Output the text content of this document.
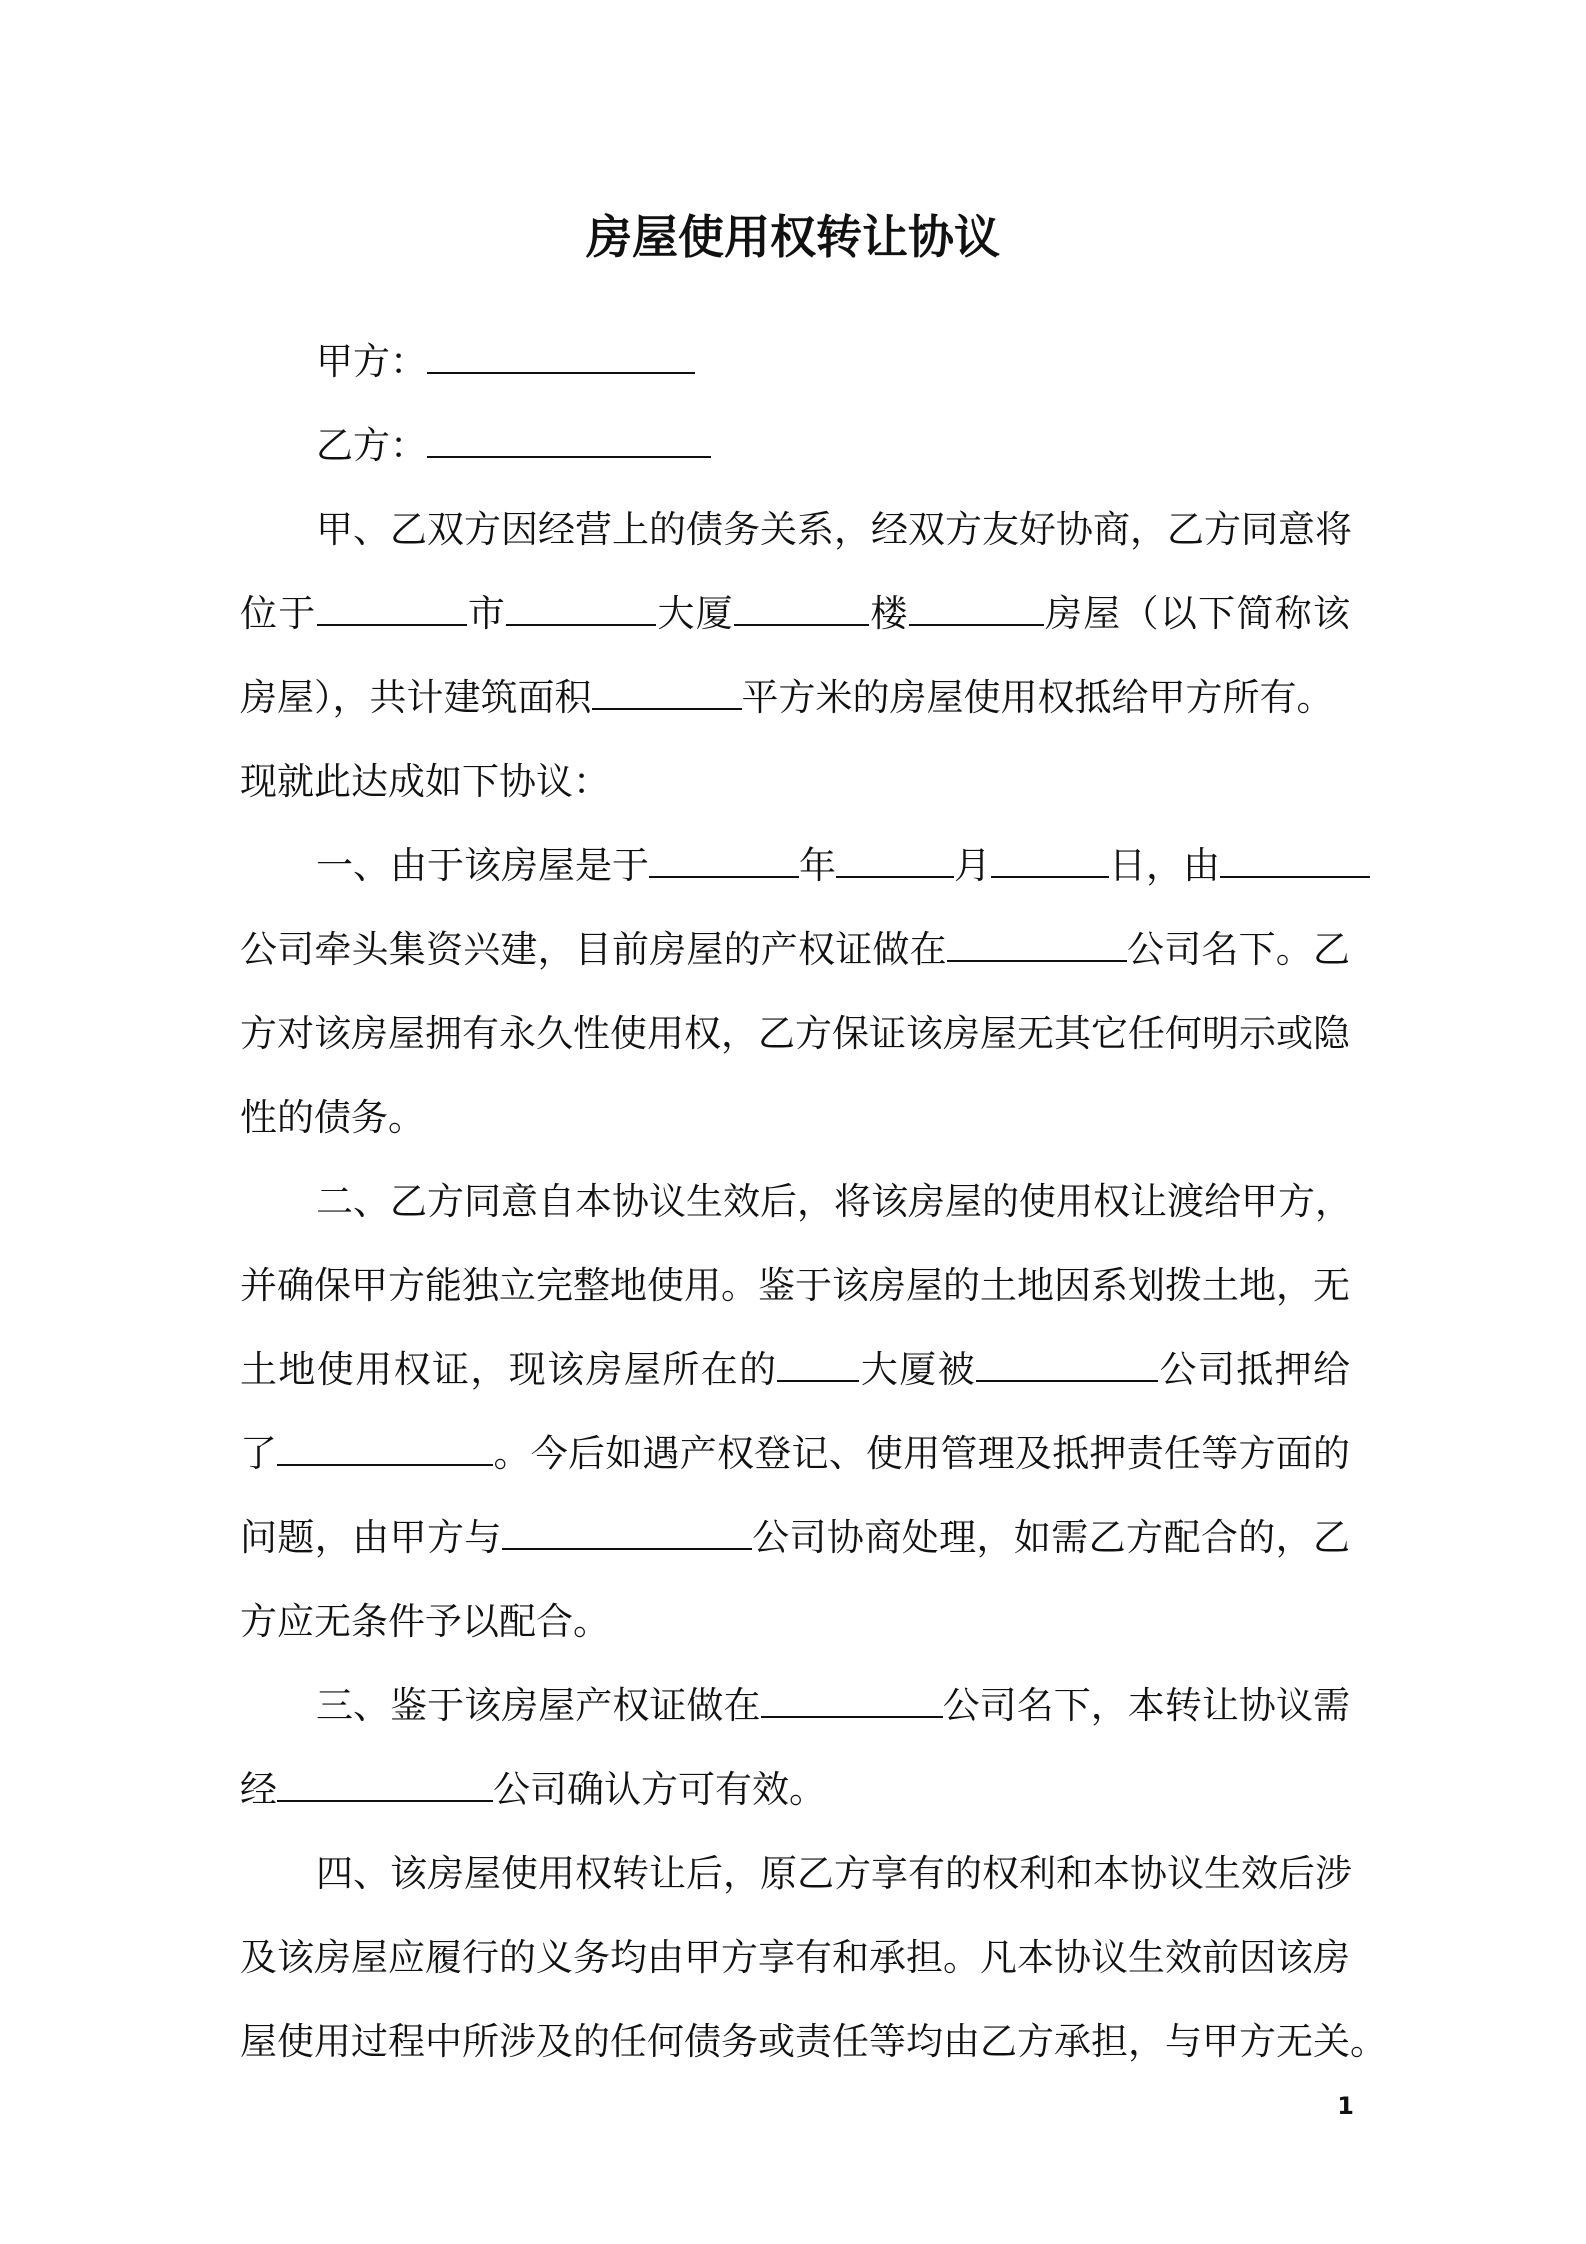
房屋使用权转让协议
甲方：
乙方：
甲、乙双方因经营上的债务关系，经双方友好协商，乙方同意将
位于	市	大厦	楼	房屋（以下简称该
房屋），共计建筑面积	平方米的房屋使用权抵给甲方所有。
现就此达成如下协议：
一、由于该房屋是于	年	月	日，由
公司牵头集资兴建，目前房屋的产权证做在	公司名下。乙
方对该房屋拥有永久性使用权，乙方保证该房屋无其它任何明示或隐
性的债务。
二、乙方同意自本协议生效后，将该房屋的使用权让渡给甲方，
并确保甲方能独立完整地使用。鉴于该房屋的土地因系划拨土地，无
土地使用权证，现该房屋所在的 大厦被	公司抵押给
了	。今后如遇产权登记、使用管理及抵押责任等方面的
问题，由甲方与	公司协商处理，如需乙方配合的，乙
方应无条件予以配合。
三、鉴于该房屋产权证做在	公司名下，本转让协议需
经	公司确认方可有效。
四、该房屋使用权转让后，原乙方享有的权利和本协议生效后涉
及该房屋应履行的义务均由甲方享有和承担。凡本协议生效前因该房
屋使用过程中所涉及的任何债务或责任等均由乙方承担，与甲方无关。
1
